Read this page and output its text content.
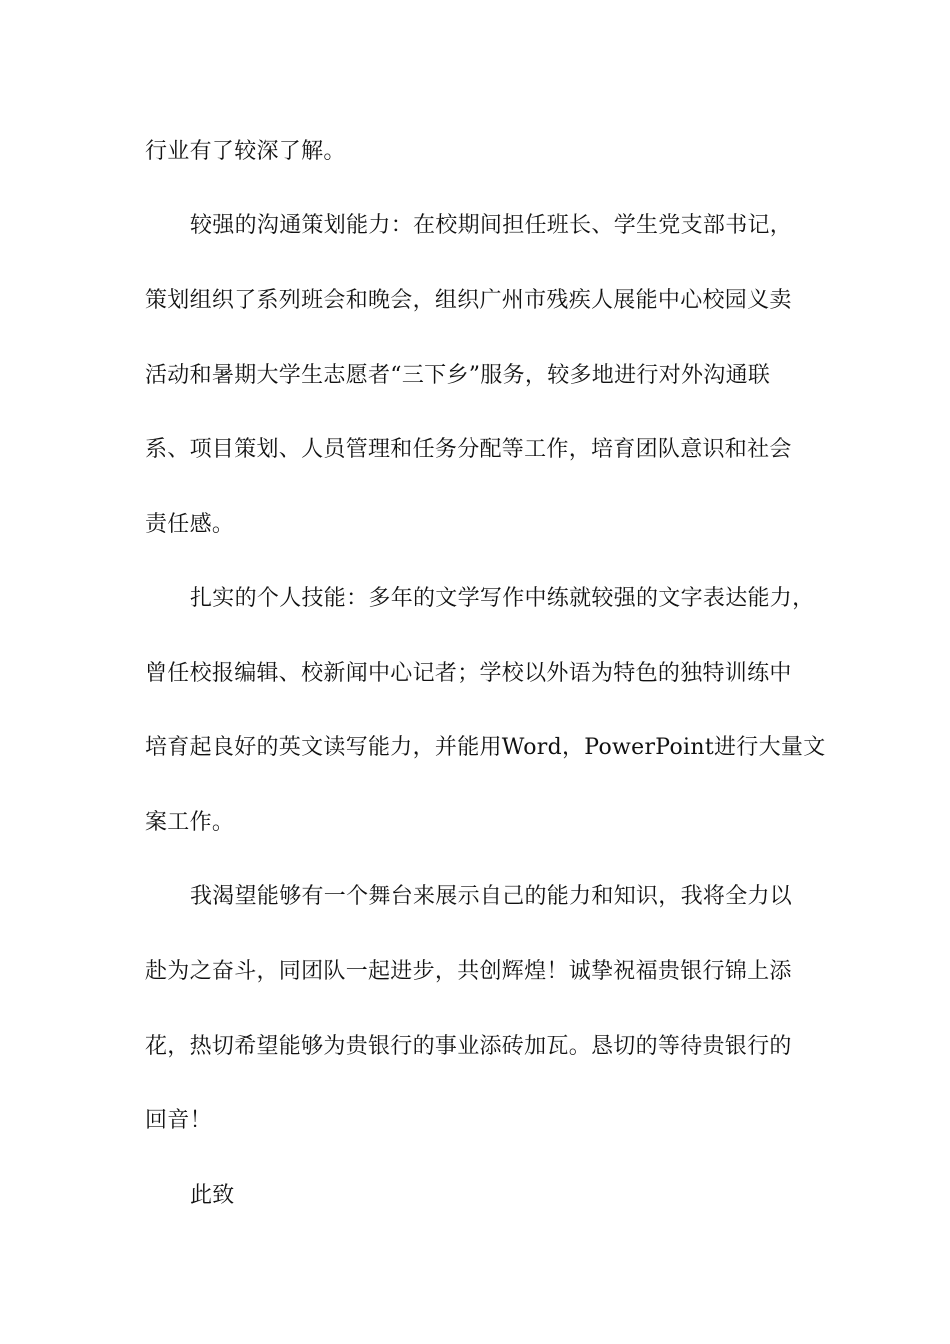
行业有了较深了解。

较强的沟通策划能力：在校期间担任班长、学生党支部书记，

策划组织了系列班会和晚会，组织广州市残疾人展能中心校园义卖

活动和暑期大学生志愿者“三下乡”服务，较多地进行对外沟通联

系、项目策划、人员管理和任务分配等工作，培育团队意识和社会

责任感。

扎实的个人技能：多年的文学写作中练就较强的文字表达能力，

曾任校报编辑、校新闻中心记者；学校以外语为特色的独特训练中

培育起良好的英文读写能力，并能用Word，PowerPoint进行大量文

案工作。

我渴望能够有一个舞台来展示自己的能力和知识，我将全力以

赴为之奋斗，同团队一起进步，共创辉煌！诚挚祝福贵银行锦上添

花，热切希望能够为贵银行的事业添砖加瓦。恳切的等待贵银行的

回音！

此致
